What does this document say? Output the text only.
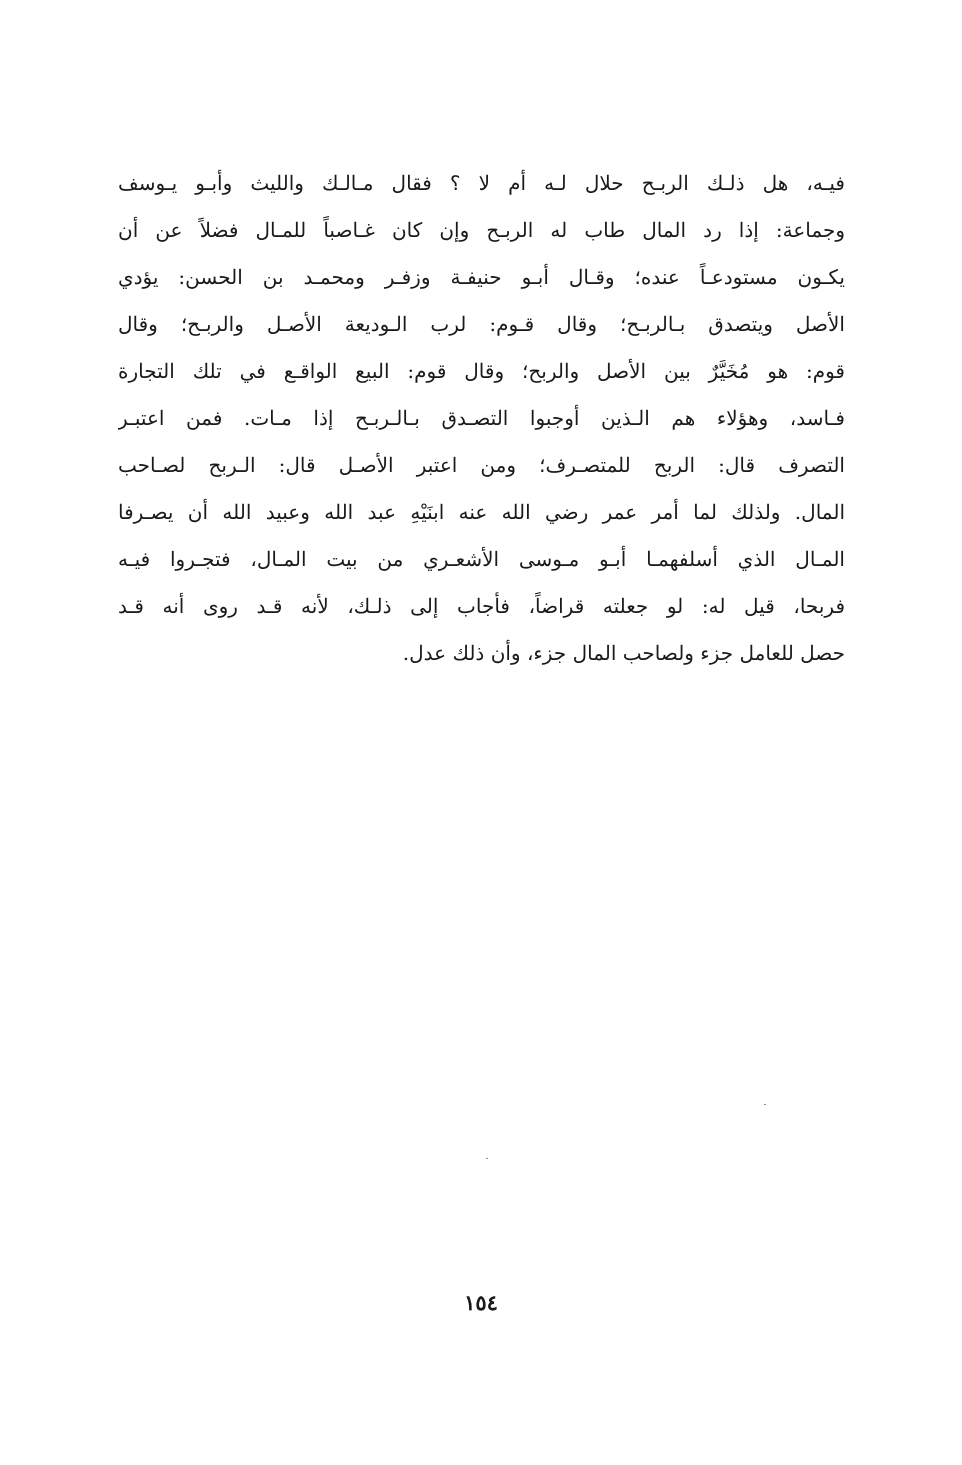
فيـه، هل ذلـك الربـح حلال لـه أم لا ؟ فقال مـالـك والليث وأبـو يـوسف
وجماعة: إذا رد المال طاب له الربـح وإن كان غـاصباً للمـال فضلاً عن أن
يكـون مستودعـاً عنده؛ وقـال أبـو حنيفـة وزفـر ومحمـد بن الحسن: يؤدي
الأصل ويتصدق بـالربـح؛ وقال قـوم: لرب الـوديعة الأصـل والربـح؛ وقال
قوم: هو مُخَيَّرٌ بين الأصل والربح؛ وقال قوم: البيع الواقـع في تلك التجارة
فـاسد، وهؤلاء هم الـذين أوجبوا التصـدق بـالـربـح إذا مـات. فمن اعتبـر
التصرف قال: الربح للمتصـرف؛ ومن اعتبر الأصـل قال: الـربح لصـاحب
المال. ولذلك لما أمر عمر رضي الله عنه ابنَيْهِ عبد الله وعبيد الله أن يصـرفا
المـال الذي أسلفهمـا أبـو مـوسى الأشعـري من بيت المـال، فتجـروا فيـه
فربحا، قيل له: لو جعلته قراضاً، فأجاب إلى ذلـك، لأنه قـد روى أنه قـد
حصل للعامل جزء ولصاحب المال جزء، وأن ذلك عدل.
١٥٤
